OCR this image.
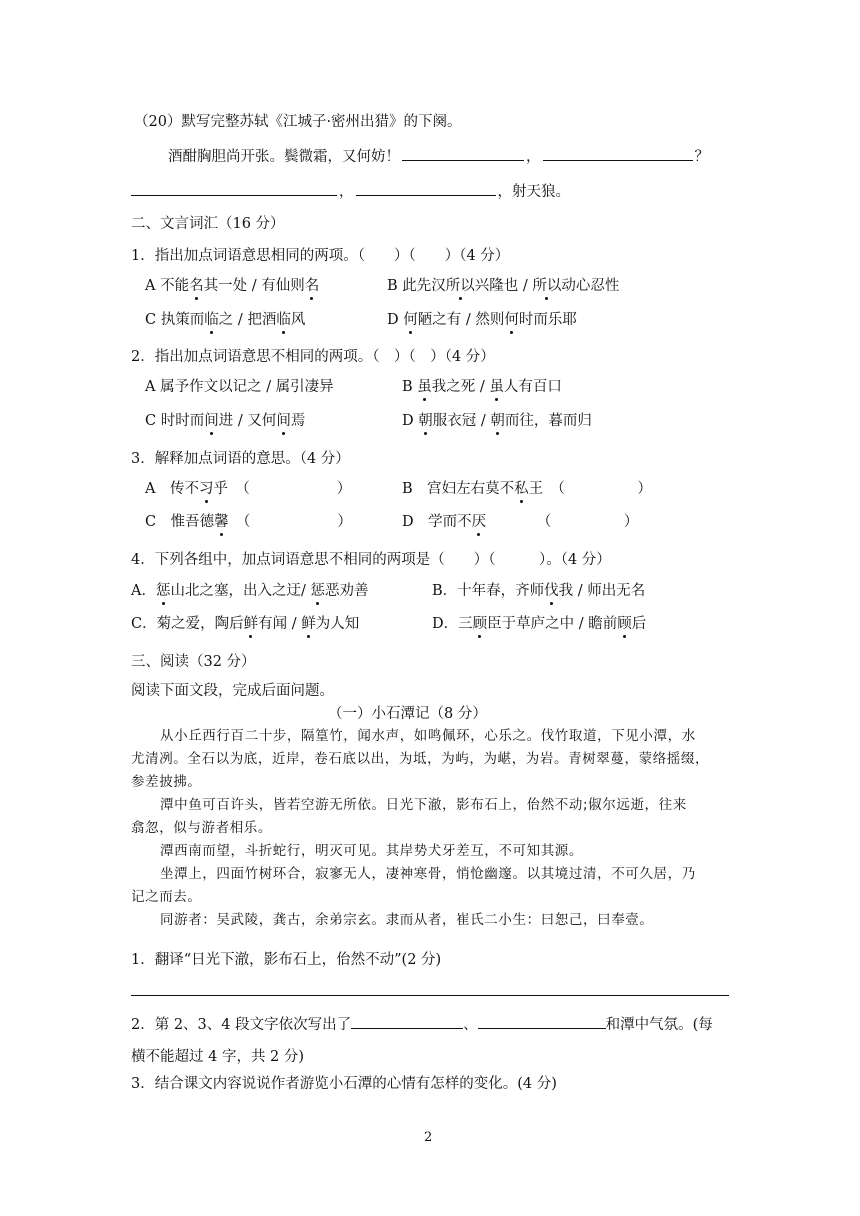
（20）默写完整苏轼《江城子·密州出猎》的下阕。
酒酣胸胆尚开张。鬓微霜，又何妨！	，	？
，	，射天狼。
二、文言词汇（16 分）
1．指出加点词语意思相同的两项。（　　）（　　）（4 分）
A 不能名其一处 / 有仙则名	B 此先汉所以兴隆也 / 所以动心忍性
C 执策而临之 / 把酒临风	D 何陋之有 / 然则何时而乐耶
2．指出加点词语意思不相同的两项。（　）（　）（4 分）
A 属予作文以记之 / 属引凄异	B 虽我之死 / 虽人有百口
C 时时而间进 / 又何间焉	D 朝服衣冠 / 朝而往，暮而归
3．解释加点词语的意思。（4 分）
A　传不习乎　（　　　　　　）	B　宫妇左右莫不私王　（　　　　　）
C　惟吾德馨　（　　　　　　）	D　学而不厌　　　　（　　　　　）
4．下列各组中，加点词语意思不相同的两项是（　　）（　　　）。（4 分）
A．惩山北之塞，出入之迂/ 惩恶劝善	B．十年春，齐师伐我 / 师出无名
C．菊之爱，陶后鲜有闻 / 鲜为人知	D．三顾臣于草庐之中 / 瞻前顾后
三、阅读（32 分）
阅读下面文段，完成后面问题。
（一）小石潭记（8 分）
从小丘西行百二十步，隔篁竹，闻水声，如鸣佩环，心乐之。伐竹取道，下见小潭，水
尤清冽。全石以为底，近岸，卷石底以出，为坻，为屿，为嵁，为岩。青树翠蔓，蒙络摇缀，
参差披拂。
潭中鱼可百许头，皆若空游无所依。日光下澈，影布石上，佁然不动;俶尔远逝，往来
翕忽，似与游者相乐。
潭西南而望，斗折蛇行，明灭可见。其岸势犬牙差互，不可知其源。
坐潭上，四面竹树环合，寂寥无人，凄神寒骨，悄怆幽邃。以其境过清，不可久居，乃
记之而去。
同游者：吴武陵，龚古，余弟宗玄。隶而从者，崔氏二小生：曰恕己，曰奉壹。
1．翻译“日光下澈，影布石上，佁然不动”(2 分)
2．第 2、3、4 段文字依次写出了	、	和潭中气氛。(每
横不能超过 4 字，共 2 分)
3．结合课文内容说说作者游览小石潭的心情有怎样的变化。(4 分)
2
